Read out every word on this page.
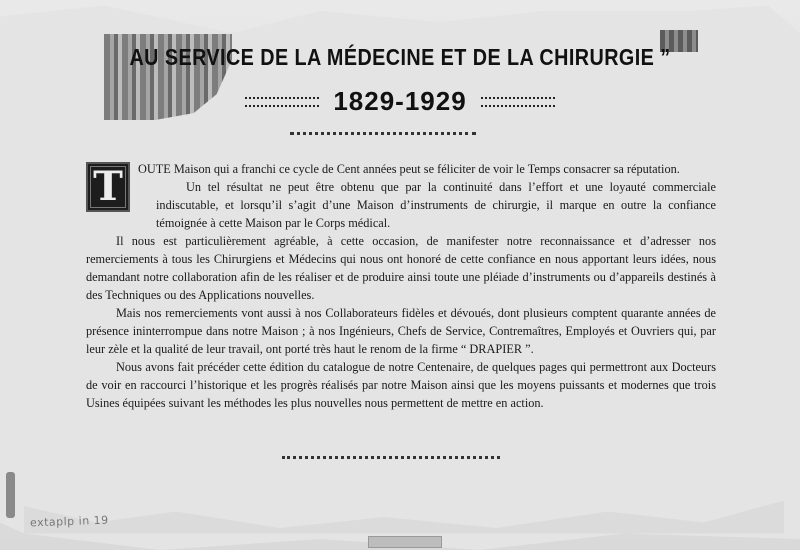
AU SERVICE DE LA MÉDECINE ET DE LA CHIRURGIE ”
1829-1929

T	OUTE Maison qui a franchi ce cycle de Cent années peut se féliciter de voir le Temps consacrer sa réputation.

Un tel résultat ne peut être obtenu que par la continuité dans l’effort et une loyauté commerciale indiscutable, et lorsqu’il s’agit d’une Maison d’instruments de chirurgie, il marque en outre la confiance témoignée à cette Maison par le Corps médical.

Il nous est particulièrement agréable, à cette occasion, de manifester notre reconnaissance et d’adresser nos remerciements à tous les Chirurgiens et Médecins qui nous ont honoré de cette confiance en nous apportant leurs idées, nous demandant notre collaboration afin de les réaliser et de produire ainsi toute une pléiade d’instruments ou d’appareils destinés à des Techniques ou des Applications nouvelles.

Mais nos remerciements vont aussi à nos Collaborateurs fidèles et dévoués, dont plusieurs comptent quarante années de présence ininterrompue dans notre Maison ; à nos Ingénieurs, Chefs de Service, Contremaîtres, Employés et Ouvriers qui, par leur zèle et la qualité de leur travail, ont porté très haut le renom de la firme “ DRAPIER ”.

Nous avons fait précéder cette édition du catalogue de notre Centenaire, de quelques pages qui permettront aux Docteurs de voir en raccourci l’historique et les progrès réalisés par notre Maison ainsi que les moyens puissants et modernes que trois Usines équipées suivant les méthodes les plus nouvelles nous permettent de mettre en action.

extaplp in 19
